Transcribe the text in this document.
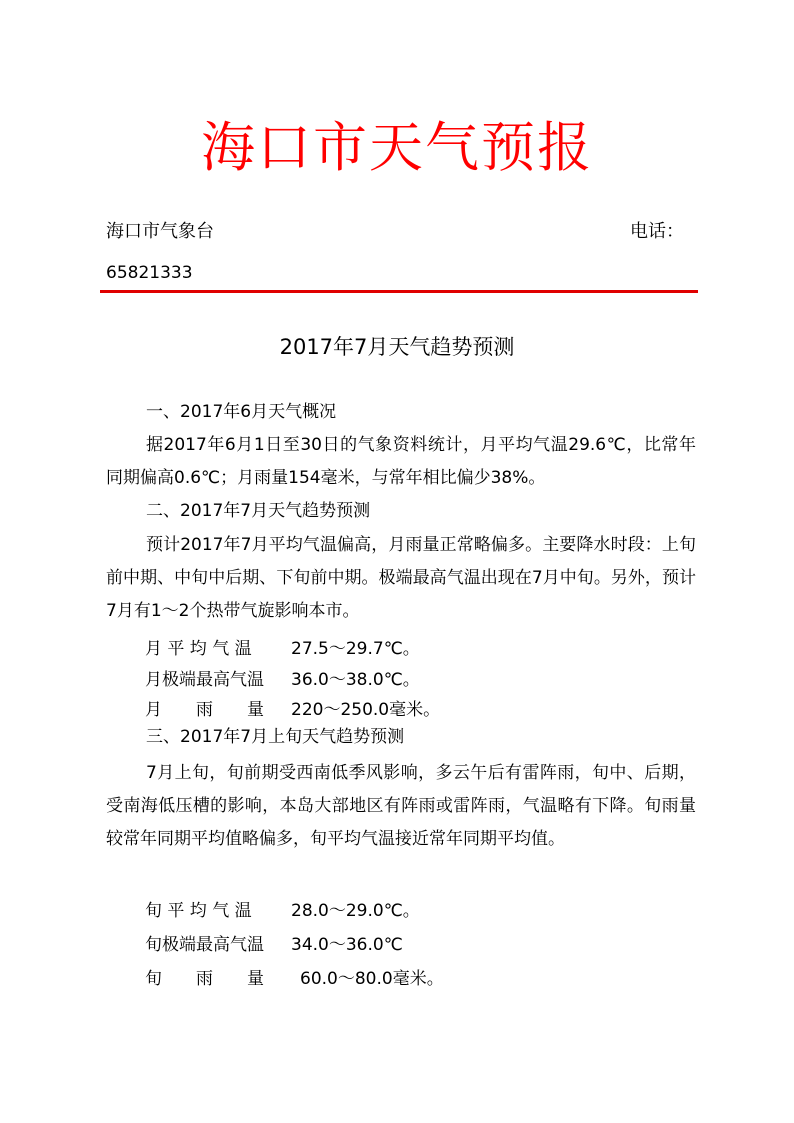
海口市天气预报
海口市气象台	电话：
65821333
2017年7月天气趋势预测
一、2017年6月天气概况
据2017年6月1日至30日的气象资料统计，月平均气温29.6℃，比常年同期偏高0.6℃；月雨量154毫米，与常年相比偏少38%。
二、2017年7月天气趋势预测
预计2017年7月平均气温偏高，月雨量正常略偏多。主要降水时段：上旬前中期、中旬中后期、下旬前中期。极端最高气温出现在7月中旬。另外，预计7月有1～2个热带气旋影响本市。
月 平 均 气 温 27.5～29.7℃。
月极端最高气温 36.0～38.0℃。
月　　雨　　量 220～250.0毫米。
三、2017年7月上旬天气趋势预测
7月上旬，旬前期受西南低季风影响，多云午后有雷阵雨，旬中、后期，受南海低压槽的影响，本岛大部地区有阵雨或雷阵雨，气温略有下降。旬雨量较常年同期平均值略偏多，旬平均气温接近常年同期平均值。
旬 平 均 气 温 28.0～29.0℃。
旬极端最高气温 34.0～36.0℃
旬　　雨　　量 60.0～80.0毫米。
